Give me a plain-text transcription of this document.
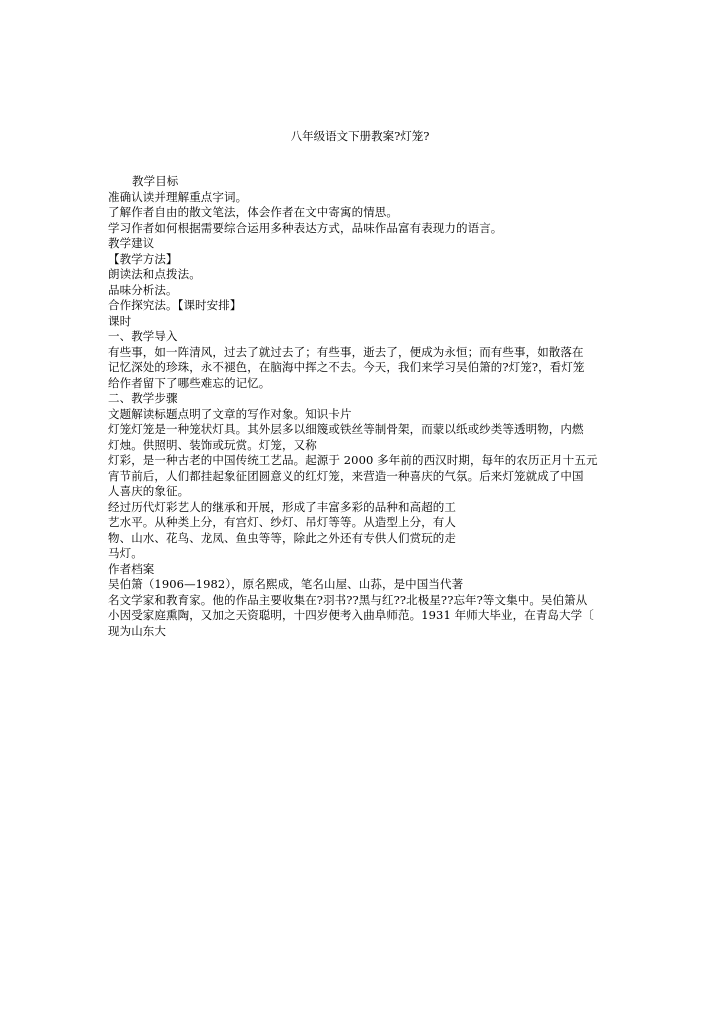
八年级语文下册教案?灯笼?
教学目标
准确认读并理解重点字词。
了解作者自由的散文笔法，体会作者在文中寄寓的情思。
学习作者如何根据需要综合运用多种表达方式，品味作品富有表现力的语言。
教学建议
【教学方法】
朗读法和点拨法。
品味分析法。
合作探究法。【课时安排】
课时
一、教学导入
有些事，如一阵清风，过去了就过去了；有些事，逝去了，便成为永恒；而有些事，如散落在
记忆深处的珍珠，永不褪色，在脑海中挥之不去。今天，我们来学习吴伯箫的?灯笼?，看灯笼
给作者留下了哪些难忘的记忆。
二、教学步骤
文题解读标题点明了文章的写作对象。知识卡片
灯笼灯笼是一种笼状灯具。其外层多以细篾或铁丝等制骨架，而蒙以纸或纱类等透明物，内燃
灯烛。供照明、装饰或玩赏。灯笼，又称
灯彩，是一种古老的中国传统工艺品。起源于 2000 多年前的西汉时期，每年的农历正月十五元
宵节前后，人们都挂起象征团圆意义的红灯笼，来营造一种喜庆的气氛。后来灯笼就成了中国
人喜庆的象征。
经过历代灯彩艺人的继承和开展，形成了丰富多彩的品种和高超的工
艺水平。从种类上分，有宫灯、纱灯、吊灯等等。从造型上分，有人
物、山水、花鸟、龙凤、鱼虫等等，除此之外还有专供人们赏玩的走
马灯。
作者档案
吴伯箫（1906—1982），原名熙成，笔名山屋、山荪，是中国当代著
名文学家和教育家。他的作品主要收集在?羽书??黑与红??北极星??忘年?等文集中。吴伯箫从
小因受家庭熏陶，又加之天资聪明，十四岁便考入曲阜师范。1931 年师大毕业，在青岛大学〔
现为山东大
